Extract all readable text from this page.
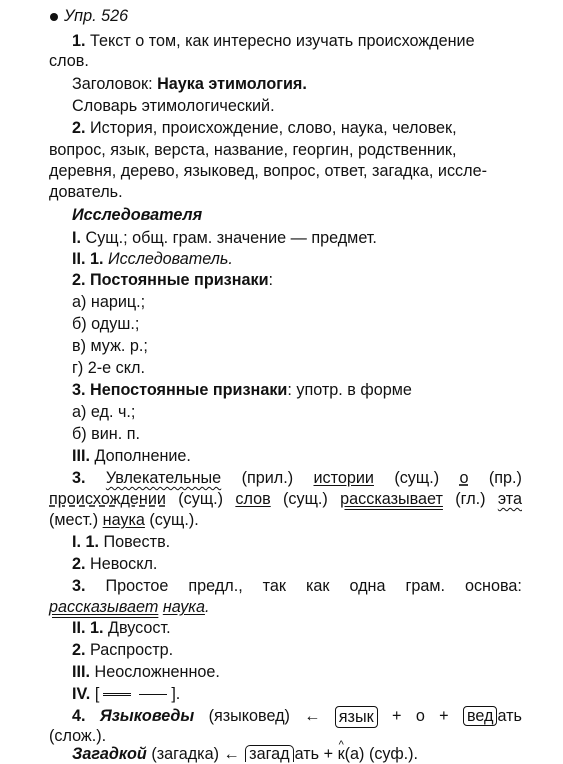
Упр. 526
1. Текст о том, как интересно изучать происхождение
слов.
Заголовок: Наука этимология.
Словарь этимологический.
2. История, происхождение, слово, наука, человек,
вопрос, язык, верста, название, георгин, родственник,
деревня, дерево, языковед, вопрос, ответ, загадка, иссле-
дователь.
Исследователя
I. Сущ.; общ. грам. значение — предмет.
II. 1. Исследователь.
2. Постоянные признаки:
а) нариц.;
б) одуш.;
в) муж. р.;
г) 2-е скл.
3. Непостоянные признаки: употр. в форме
а) ед. ч.;
б) вин. п.
III. Дополнение.
3. Увлекательные (прил.) истории (сущ.) о (пр.)
происхождении (сущ.) слов (сущ.) рассказывает (гл.) эта
(мест.) наука (сущ.).
I. 1. Повеств.
2. Невоскл.
3. Простое предл., так как одна грам. основа:
рассказывает наука.
II. 1. Двусост.
2. Распростр.
III. Неосложненное.
IV. [	].
4. Языковеды (языковед) ← язык + о + вед ать
(слож.).
Загадкой (загадка) ← загад ать + ^ к(а) (суф.).
